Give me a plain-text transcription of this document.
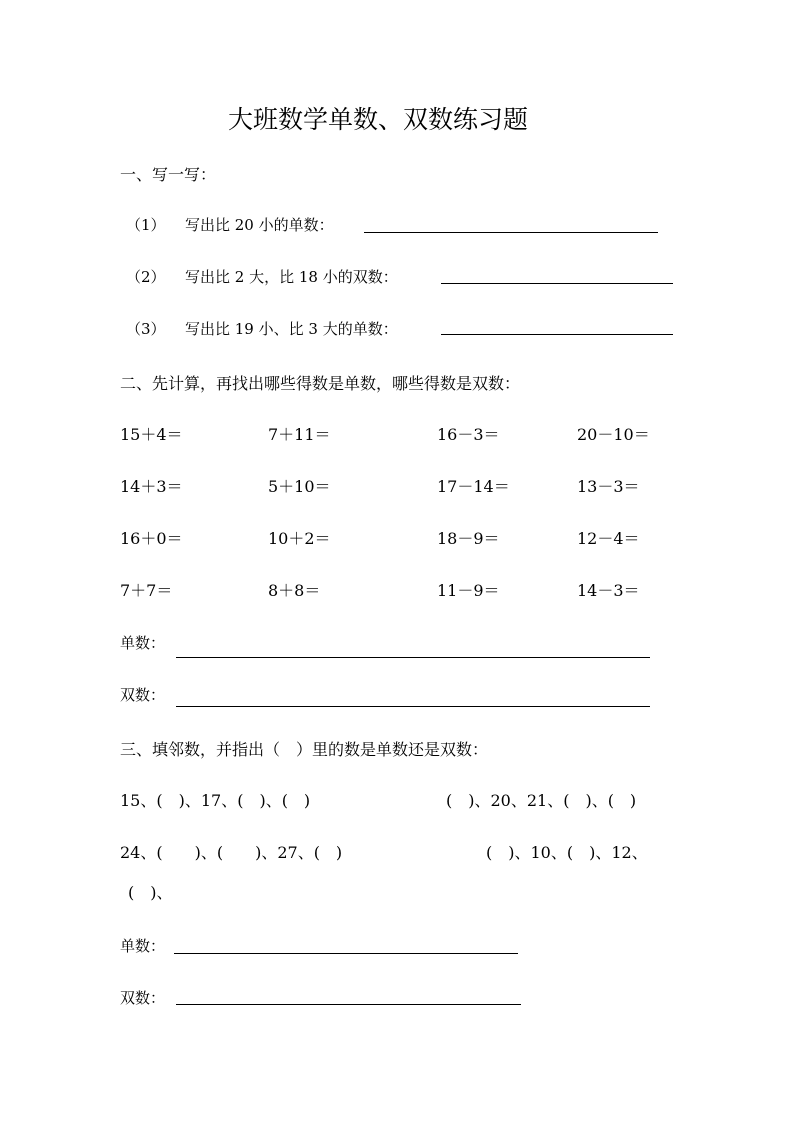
大班数学单数、双数练习题
一、写一写：
（1） 写出比 20 小的单数：
（2） 写出比 2 大，比 18 小的双数：
（3） 写出比 19 小、比 3 大的单数：
二、先计算，再找出哪些得数是单数，哪些得数是双数：
15＋4＝	7＋11＝	16－3＝	20－10＝
14＋3＝	5＋10＝	17－14＝	13－3＝
16＋0＝	10＋2＝	18－9＝	12－4＝
7＋7＝	8＋8＝	11－9＝	14－3＝
单数：
双数：
三、填邻数，并指出（　）里的数是单数还是双数：
15、(　)、17、(　)、(　)	(　)、20、21、(　)、(　)
24、(　　)、(　　)、27、(　)	(　)、10、(　)、12、
(　)、
单数：
双数：
